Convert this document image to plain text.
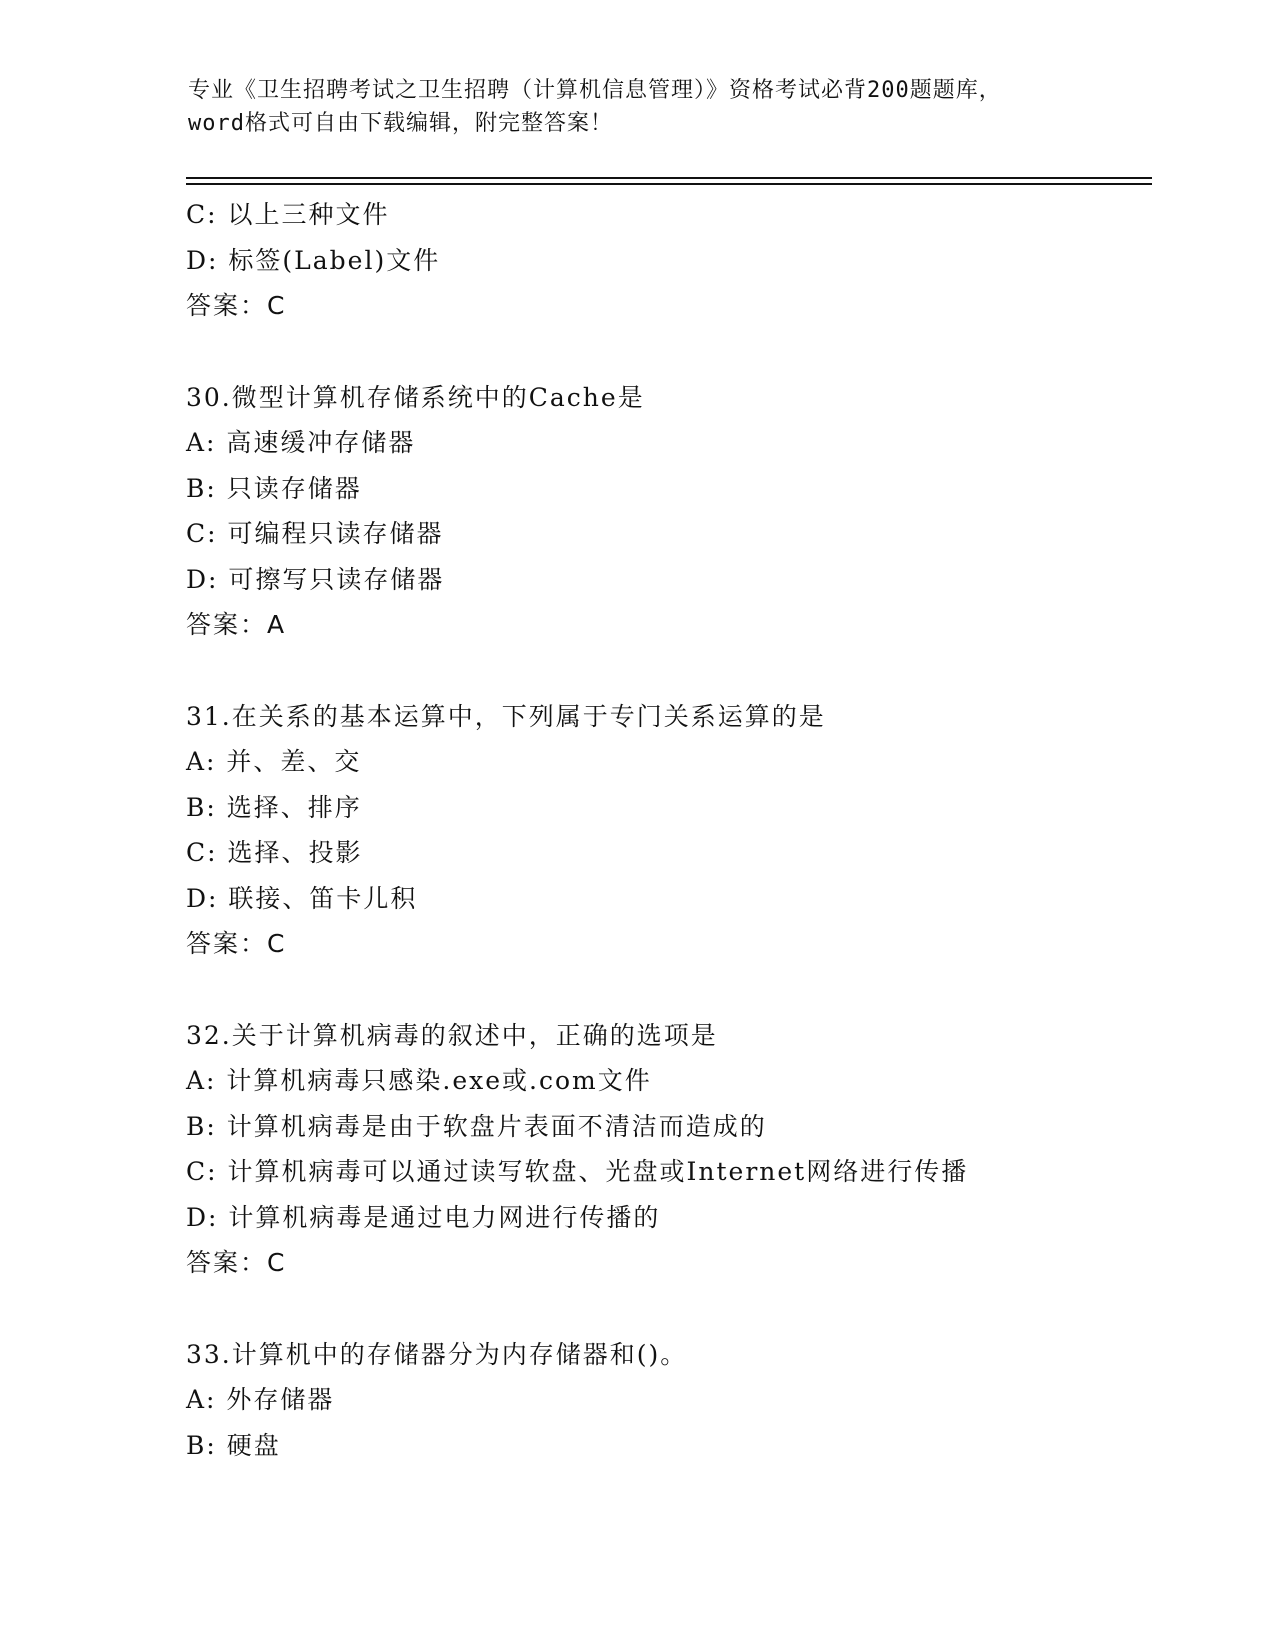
专业《卫生招聘考试之卫生招聘（计算机信息管理）》资格考试必背200题题库，
word格式可自由下载编辑，附完整答案！
C: 以上三种文件
D: 标签(Label)文件
答案：C
30.微型计算机存储系统中的Cache是
A: 高速缓冲存储器
B: 只读存储器
C: 可编程只读存储器
D: 可擦写只读存储器
答案：A
31.在关系的基本运算中，下列属于专门关系运算的是
A: 并、差、交
B: 选择、排序
C: 选择、投影
D: 联接、笛卡儿积
答案：C
32.关于计算机病毒的叙述中，正确的选项是
A: 计算机病毒只感染.exe或.com文件
B: 计算机病毒是由于软盘片表面不清洁而造成的
C: 计算机病毒可以通过读写软盘、光盘或Internet网络进行传播
D: 计算机病毒是通过电力网进行传播的
答案：C
33.计算机中的存储器分为内存储器和()。
A: 外存储器
B: 硬盘
